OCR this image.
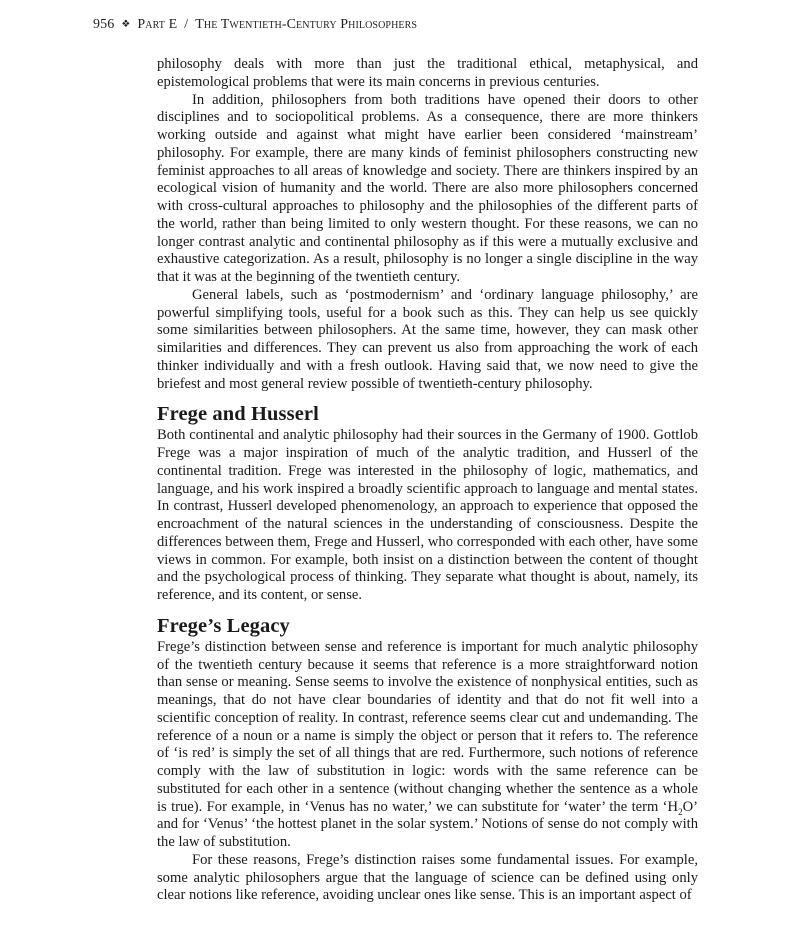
956 ❖ Part E / The Twentieth-Century Philosophers

philosophy deals with more than just the traditional ethical, metaphysical, and epistemological problems that were its main concerns in previous centuries.

In addition, philosophers from both traditions have opened their doors to other disciplines and to sociopolitical problems. As a consequence, there are more thinkers working outside and against what might have earlier been considered ‘mainstream’ philosophy. For example, there are many kinds of feminist philosophers constructing new feminist approaches to all areas of knowledge and society. There are thinkers inspired by an ecological vision of humanity and the world. There are also more philosophers concerned with cross-cultural approaches to philosophy and the philosophies of the different parts of the world, rather than being limited to only western thought. For these reasons, we can no longer contrast analytic and continental philosophy as if this were a mutually exclusive and exhaustive categorization. As a result, philosophy is no longer a single discipline in the way that it was at the beginning of the twentieth century.

General labels, such as ‘postmodernism’ and ‘ordinary language philosophy,’ are powerful simplifying tools, useful for a book such as this. They can help us see quickly some similarities between philosophers. At the same time, however, they can mask other similarities and differences. They can prevent us also from approaching the work of each thinker individually and with a fresh outlook. Having said that, we now need to give the briefest and most general review possible of twentieth-century philosophy.

Frege and Husserl

Both continental and analytic philosophy had their sources in the Germany of 1900. Gottlob Frege was a major inspiration of much of the analytic tradition, and Husserl of the continental tradition. Frege was interested in the philosophy of logic, mathematics, and language, and his work inspired a broadly scientific approach to language and mental states. In contrast, Husserl developed phenomenology, an approach to experience that opposed the encroachment of the natural sciences in the understanding of consciousness. Despite the differences between them, Frege and Husserl, who corresponded with each other, have some views in common. For example, both insist on a distinction between the content of thought and the psychological process of thinking. They separate what thought is about, namely, its reference, and its content, or sense.

Frege’s Legacy

Frege’s distinction between sense and reference is important for much analytic philosophy of the twentieth century because it seems that reference is a more straightforward notion than sense or meaning. Sense seems to involve the existence of nonphysical entities, such as meanings, that do not have clear boundaries of identity and that do not fit well into a scientific conception of reality. In contrast, reference seems clear cut and undemanding. The reference of a noun or a name is simply the object or person that it refers to. The reference of ‘is red’ is simply the set of all things that are red. Furthermore, such notions of reference comply with the law of substitution in logic: words with the same reference can be substituted for each other in a sentence (without changing whether the sentence as a whole is true). For example, in ‘Venus has no water,’ we can substitute for ‘water’ the term ‘$H_2O$’ and for ‘Venus’ ‘the hottest planet in the solar system.’ Notions of sense do not comply with the law of substitution.

For these reasons, Frege’s distinction raises some fundamental issues. For example, some analytic philosophers argue that the language of science can be defined using only clear notions like reference, avoiding unclear ones like sense. This is an important aspect of
